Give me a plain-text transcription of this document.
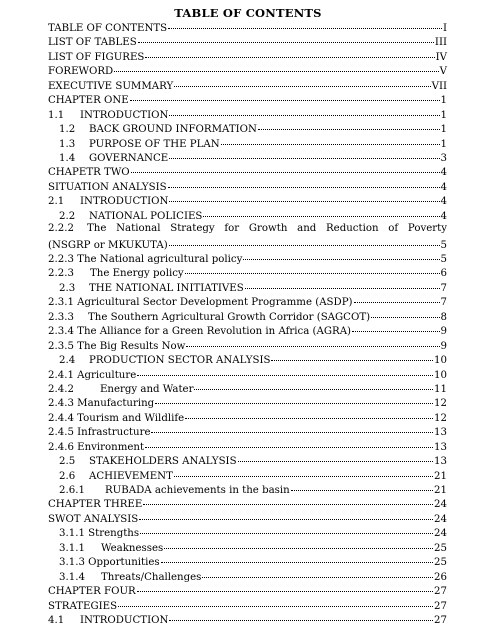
TABLE OF CONTENTS
TABLE OF CONTENTS	I
LIST OF TABLES	III
LIST OF FIGURES	IV
FOREWORD	V
EXECUTIVE SUMMARY	VII
CHAPTER ONE	1
1.1	INTRODUCTION	1
1.2	BACK GROUND INFORMATION	1
1.3	PURPOSE OF THE PLAN	1
1.4	GOVERNANCE	3
CHAPETR TWO	4
SITUATION ANALYSIS	4
2.1	INTRODUCTION	4
2.2	NATIONAL POLICIES	4
2.2.2 The National Strategy for Growth and Reduction of Poverty
(NSGRP or MKUKUTA)	5
2.2.3 The National agricultural policy	5
2.2.3	The Energy policy	6
2.3	THE NATIONAL INITIATIVES	7
2.3.1 Agricultural Sector Development Programme (ASDP)	7
2.3.3	The Southern Agricultural Growth Corridor (SAGCOT)	8
2.3.4 The Alliance for a Green Revolution in Africa (AGRA)	9
2.3.5 The Big Results Now	9
2.4	PRODUCTION SECTOR ANALYSIS	10
2.4.1 Agriculture	10
2.4.2	Energy and Water	11
2.4.3 Manufacturing	12
2.4.4 Tourism and Wildlife	12
2.4.5 Infrastructure	13
2.4.6 Environment	13
2.5	STAKEHOLDERS ANALYSIS	13
2.6	ACHIEVEMENT	21
2.6.1	RUBADA achievements in the basin	21
CHAPTER THREE	24
SWOT ANALYSIS	24
3.1.1 Strengths	24
3.1.1	Weaknesses	25
3.1.3 Opportunities	25
3.1.4	Threats/Challenges	26
CHAPTER FOUR	27
STRATEGIES	27
4.1	INTRODUCTION	27
